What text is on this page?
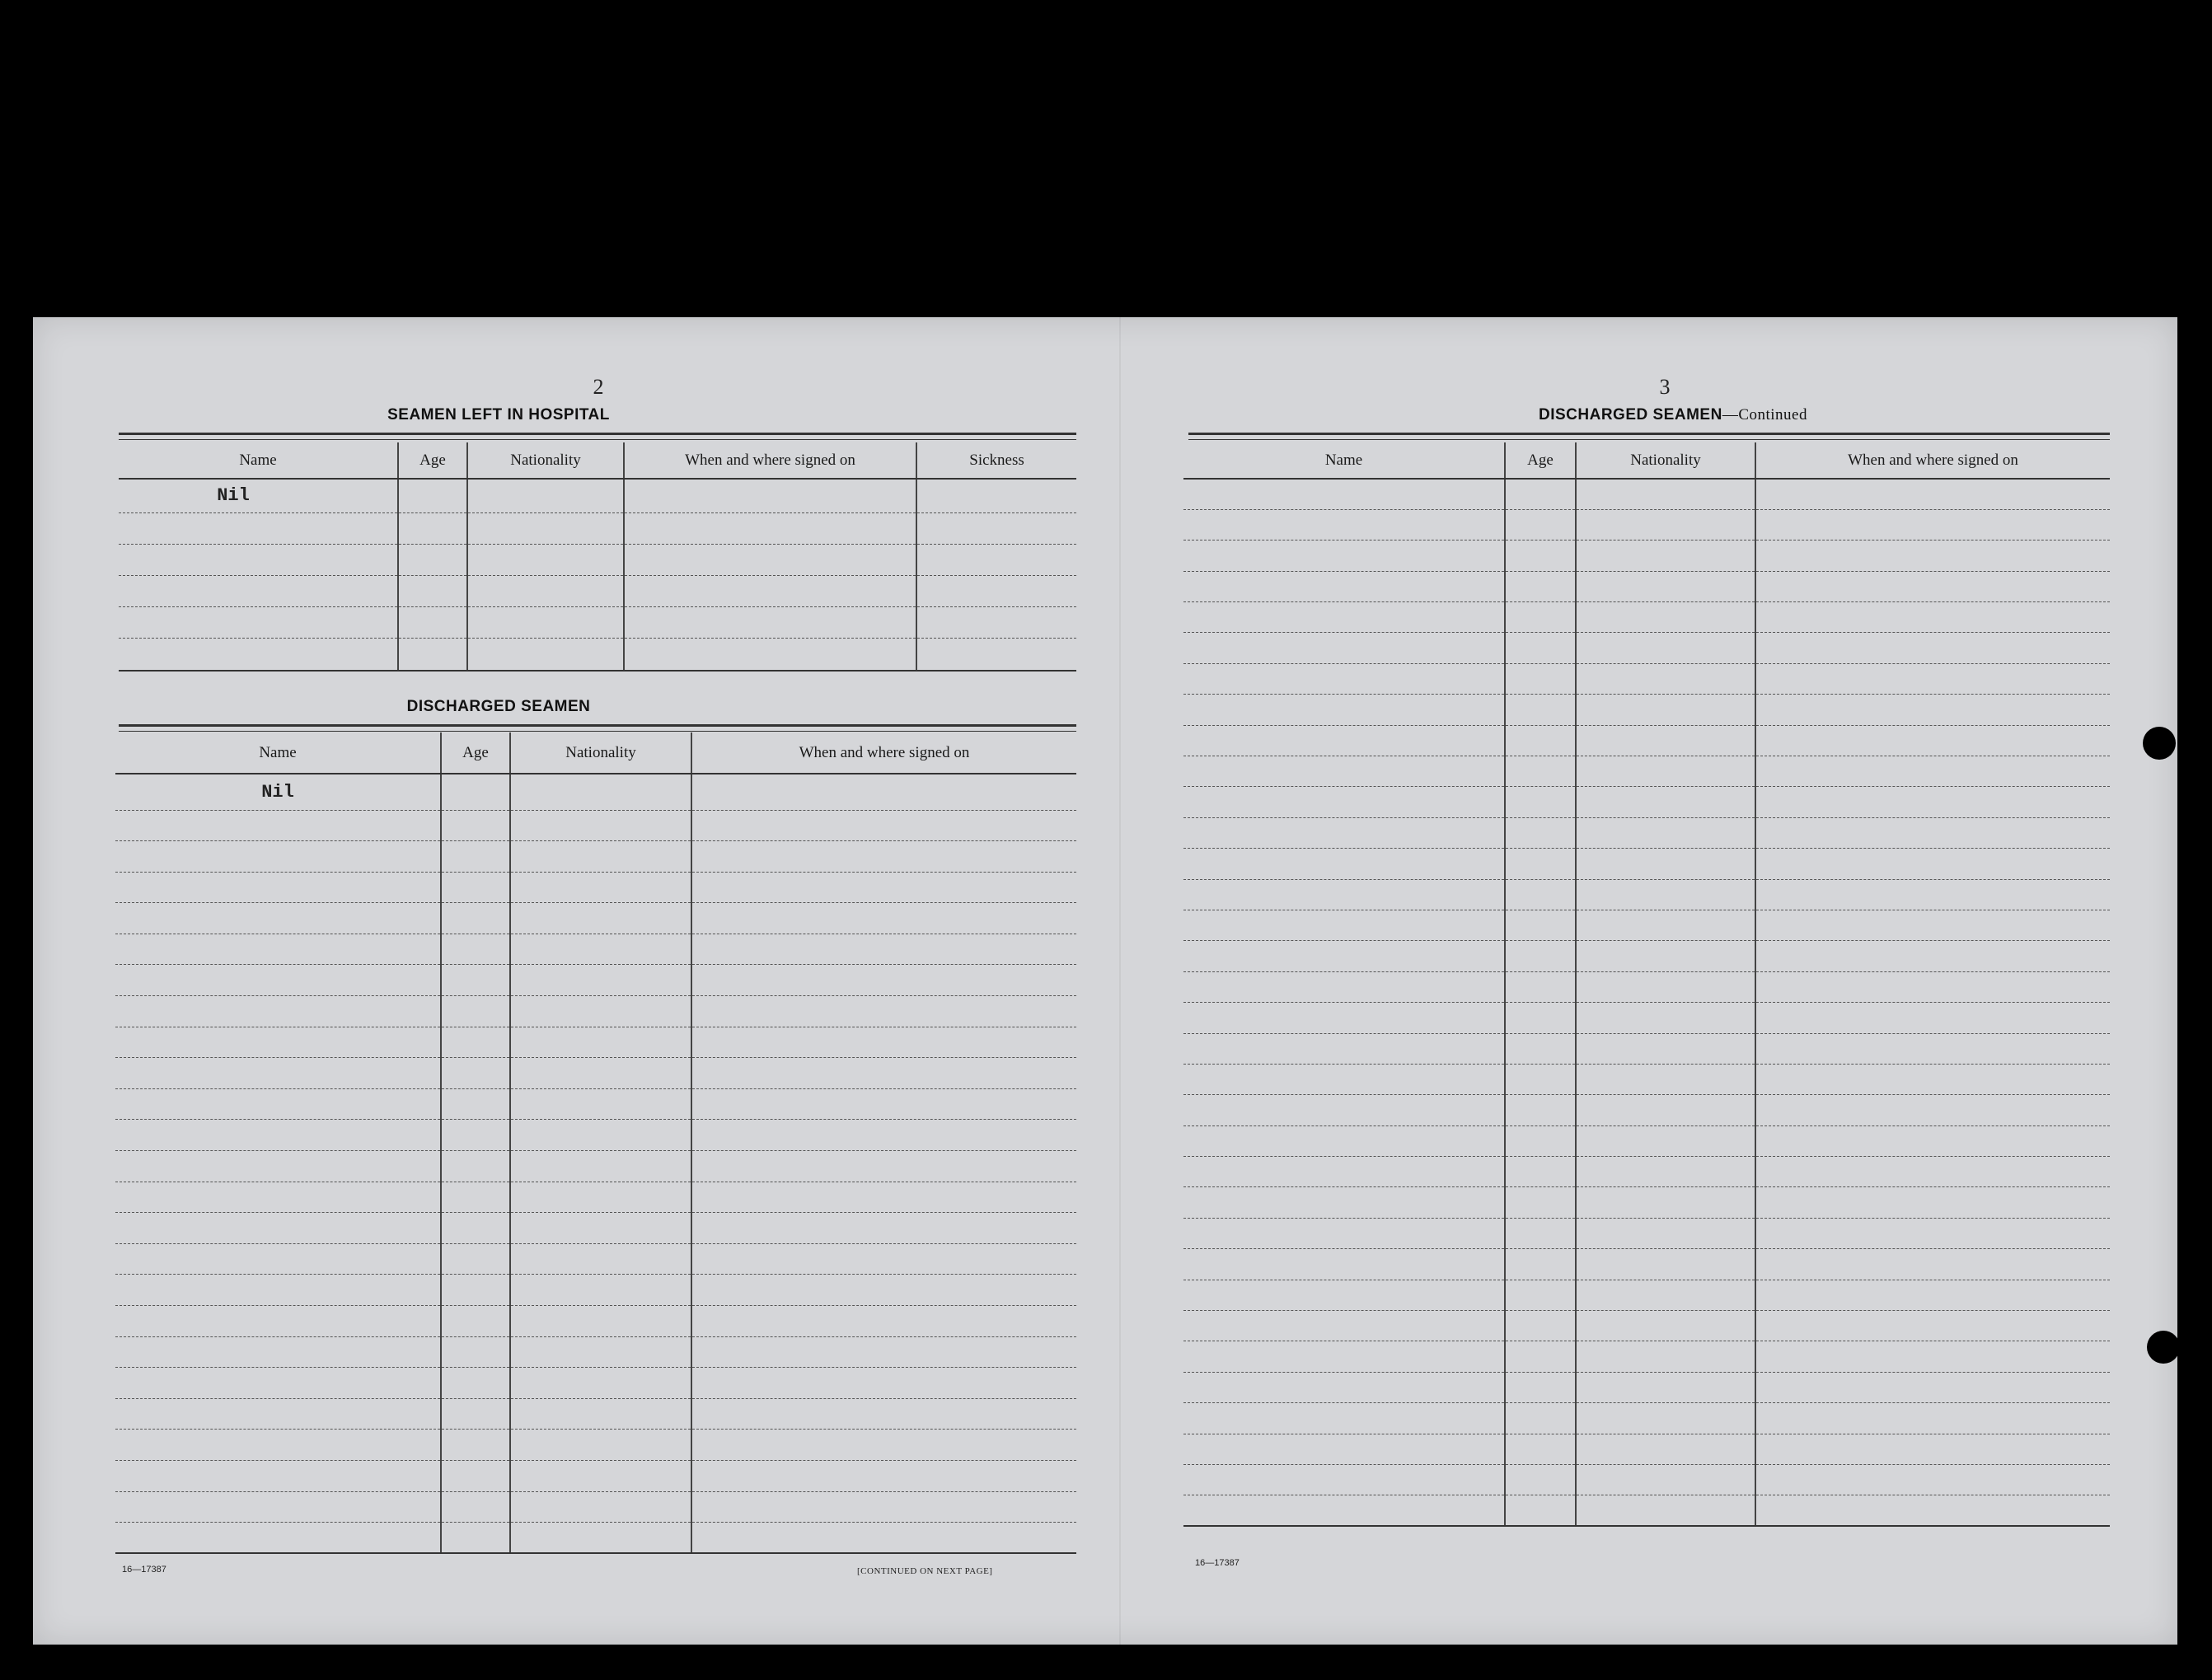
2
SEAMEN LEFT IN HOSPITAL
Name	Age	Nationality	When and where signed on	Sickness
Nil				

DISCHARGED SEAMEN
Name	Age	Nationality	When and where signed on
Nil			

16—17387	[CONTINUED ON NEXT PAGE]
3
DISCHARGED SEAMEN—Continued
Name	Age	Nationality	When and where signed on

16—17387
